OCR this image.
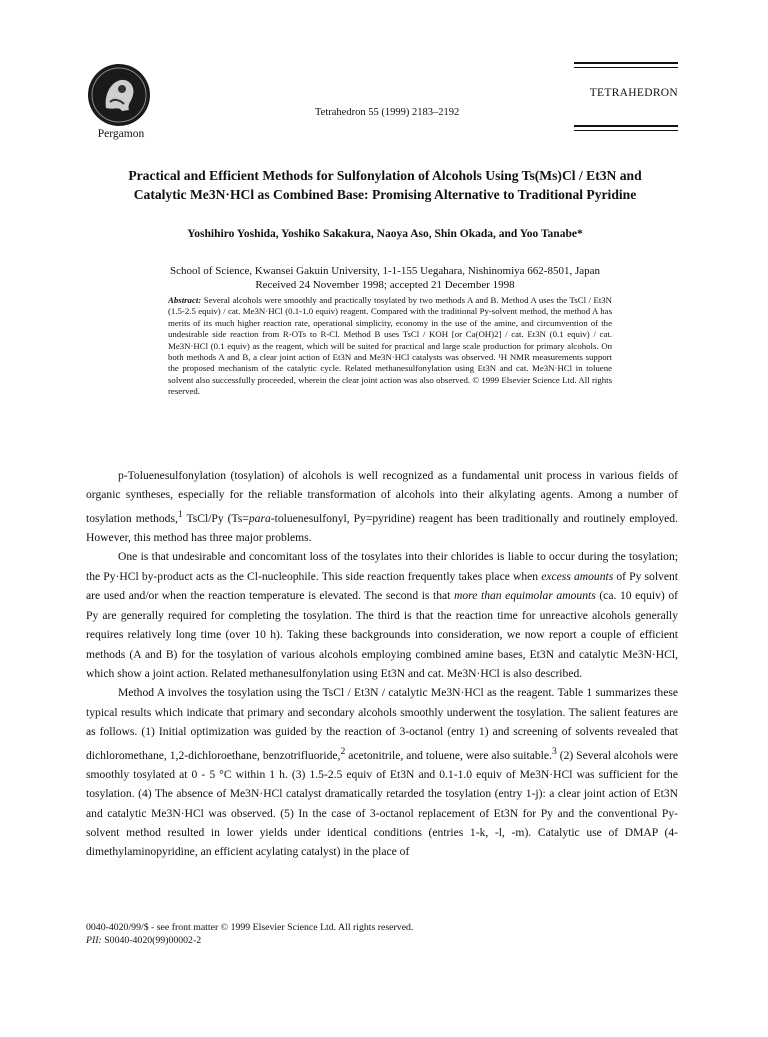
Pergamon
Tetrahedron 55 (1999) 2183–2192
TETRAHEDRON
Practical and Efficient Methods for Sulfonylation of Alcohols Using Ts(Ms)Cl / Et3N and
Catalytic Me3N·HCl as Combined Base: Promising Alternative to Traditional Pyridine
Yoshihiro Yoshida, Yoshiko Sakakura, Naoya Aso, Shin Okada, and Yoo Tanabe*
School of Science, Kwansei Gakuin University, 1-1-155 Uegahara, Nishinomiya 662-8501, Japan
Received 24 November 1998; accepted 21 December 1998
Abstract: Several alcohols were smoothly and practically tosylated by two methods A and B. Method A uses the TsCl / Et3N (1.5-2.5 equiv) / cat. Me3N·HCl (0.1-1.0 equiv) reagent. Compared with the traditional Py-solvent method, the method A has merits of its much higher reaction rate, operational simplicity, economy in the use of the amine, and circumvention of the undesirable side reaction from R-OTs to R-Cl. Method B uses TsCl / KOH [or Ca(OH)2] / cat. Et3N (0.1 equiv) / cat. Me3N·HCl (0.1 equiv) as the reagent, which will be suited for practical and large scale production for primary alcohols. On both methods A and B, a clear joint action of Et3N and Me3N·HCl catalysts was observed. ¹H NMR measurements support the proposed mechanism of the catalytic cycle. Related methanesulfonylation using Et3N and cat. Me3N·HCl in toluene solvent also successfully proceeded, wherein the clear joint action was also observed. © 1999 Elsevier Science Ltd. All rights reserved.

p-Toluenesulfonylation (tosylation) of alcohols is well recognized as a fundamental unit process in various fields of organic syntheses, especially for the reliable transformation of alcohols into their alkylating agents. Among a number of tosylation methods,$^1$ TsCl/Py (Ts=para-toluenesulfonyl, Py=pyridine) reagent has been traditionally and routinely employed. However, this method has three major problems.

One is that undesirable and concomitant loss of the tosylates into their chlorides is liable to occur during the tosylation; the Py·HCl by-product acts as the Cl-nucleophile. This side reaction frequently takes place when excess amounts of Py solvent are used and/or when the reaction temperature is elevated. The second is that more than equimolar amounts (ca. 10 equiv) of Py are generally required for completing the tosylation. The third is that the reaction time for unreactive alcohols generally requires relatively long time (over 10 h). Taking these backgrounds into consideration, we now report a couple of efficient methods (A and B) for the tosylation of various alcohols employing combined amine bases, Et3N and catalytic Me3N·HCl, which show a joint action. Related methanesulfonylation using Et3N and cat. Me3N·HCl is also described.

Method A involves the tosylation using the TsCl / Et3N / catalytic Me3N·HCl as the reagent. Table 1 summarizes these typical results which indicate that primary and secondary alcohols smoothly underwent the tosylation. The salient features are as follows. (1) Initial optimization was guided by the reaction of 3-octanol (entry 1) and screening of solvents revealed that dichloromethane, 1,2-dichloroethane, benzotrifluoride,$^2$ acetonitrile, and toluene, were also suitable.$^3$ (2) Several alcohols were smoothly tosylated at 0 - 5 °C within 1 h. (3) 1.5-2.5 equiv of Et3N and 0.1-1.0 equiv of Me3N·HCl was sufficient for the tosylation. (4) The absence of Me3N·HCl catalyst dramatically retarded the tosylation (entry 1-j): a clear joint action of Et3N and catalytic Me3N·HCl was observed. (5) In the case of 3-octanol replacement of Et3N for Py and the conventional Py-solvent method resulted in lower yields under identical conditions (entries 1-k, -l, -m). Catalytic use of DMAP (4-dimethylaminopyridine, an efficient acylating catalyst) in the place of

0040-4020/99/$ - see front matter © 1999 Elsevier Science Ltd. All rights reserved.
PII: S0040-4020(99)00002-2
